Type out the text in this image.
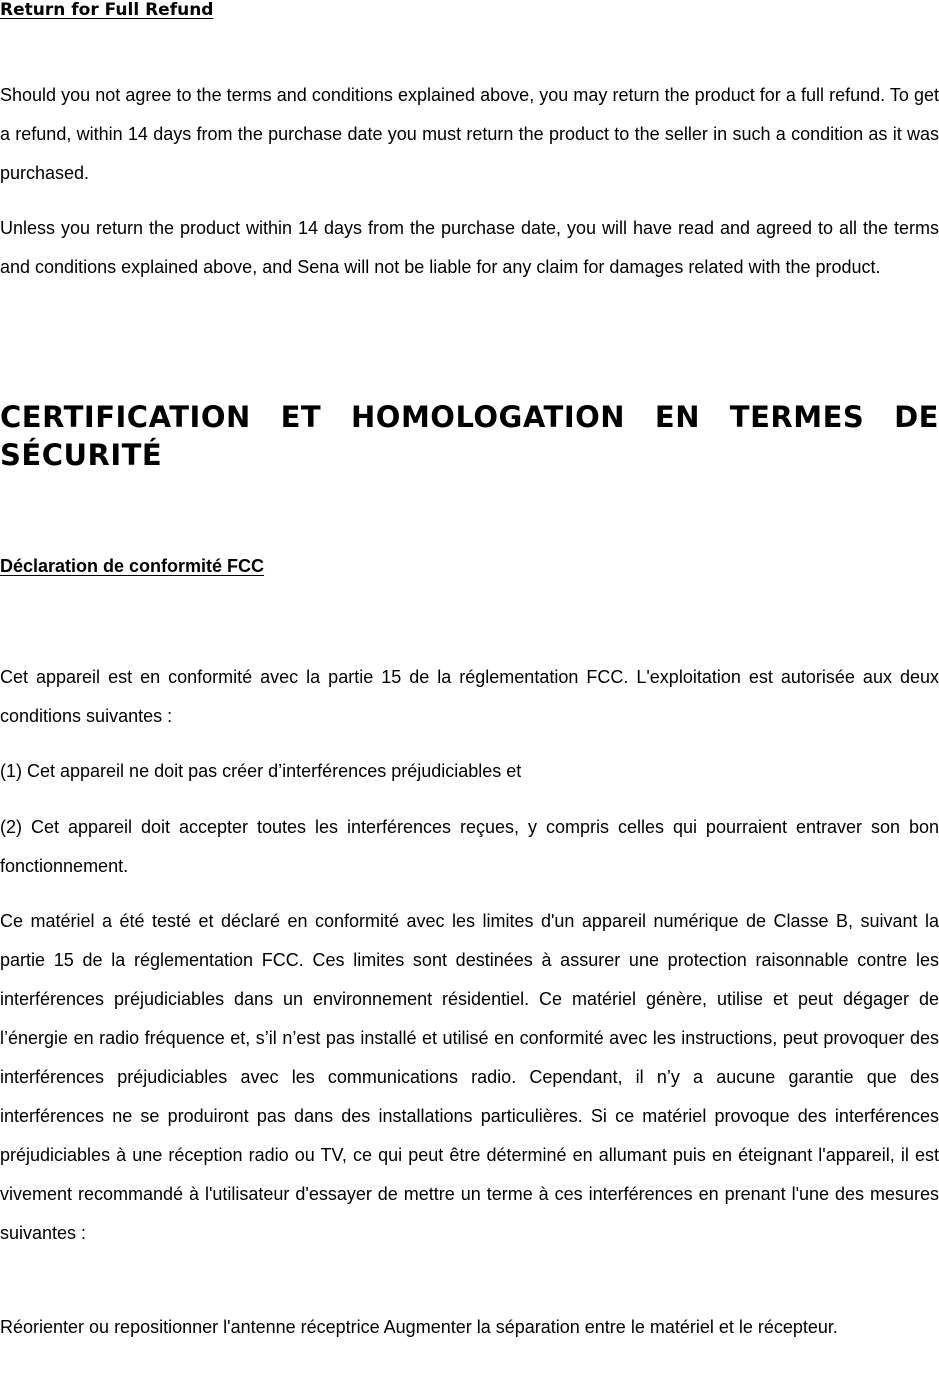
Return for Full Refund

Should you not agree to the terms and conditions explained above, you may return the product for a full refund. To get a refund, within 14 days from the purchase date you must return the product to the seller in such a condition as it was purchased.

Unless you return the product within 14 days from the purchase date, you will have read and agreed to all the terms and conditions explained above, and Sena will not be liable for any claim for damages related with the product.

CERTIFICATION ET HOMOLOGATION EN TERMES DE SÉCURITÉ
Déclaration de conformité FCC

Cet appareil est en conformité avec la partie 15 de la réglementation FCC. L'exploitation est autorisée aux deux conditions suivantes :

(1) Cet appareil ne doit pas créer d’interférences préjudiciables et

(2) Cet appareil doit accepter toutes les interférences reçues, y compris celles qui pourraient entraver son bon fonctionnement.

Ce matériel a été testé et déclaré en conformité avec les limites d'un appareil numérique de Classe B, suivant la partie 15 de la réglementation FCC. Ces limites sont destinées à assurer une protection raisonnable contre les interférences préjudiciables dans un environnement résidentiel. Ce matériel génère, utilise et peut dégager de l’énergie en radio fréquence et, s’il n’est pas installé et utilisé en conformité avec les instructions, peut provoquer des interférences préjudiciables avec les communications radio. Cependant, il n’y a aucune garantie que des interférences ne se produiront pas dans des installations particulières. Si ce matériel provoque des interférences préjudiciables à une réception radio ou TV, ce qui peut être déterminé en allumant puis en éteignant l'appareil, il est vivement recommandé à l'utilisateur d'essayer de mettre un terme à ces interférences en prenant l'une des mesures suivantes :

Réorienter ou repositionner l'antenne réceptrice Augmenter la séparation entre le matériel et le récepteur.
